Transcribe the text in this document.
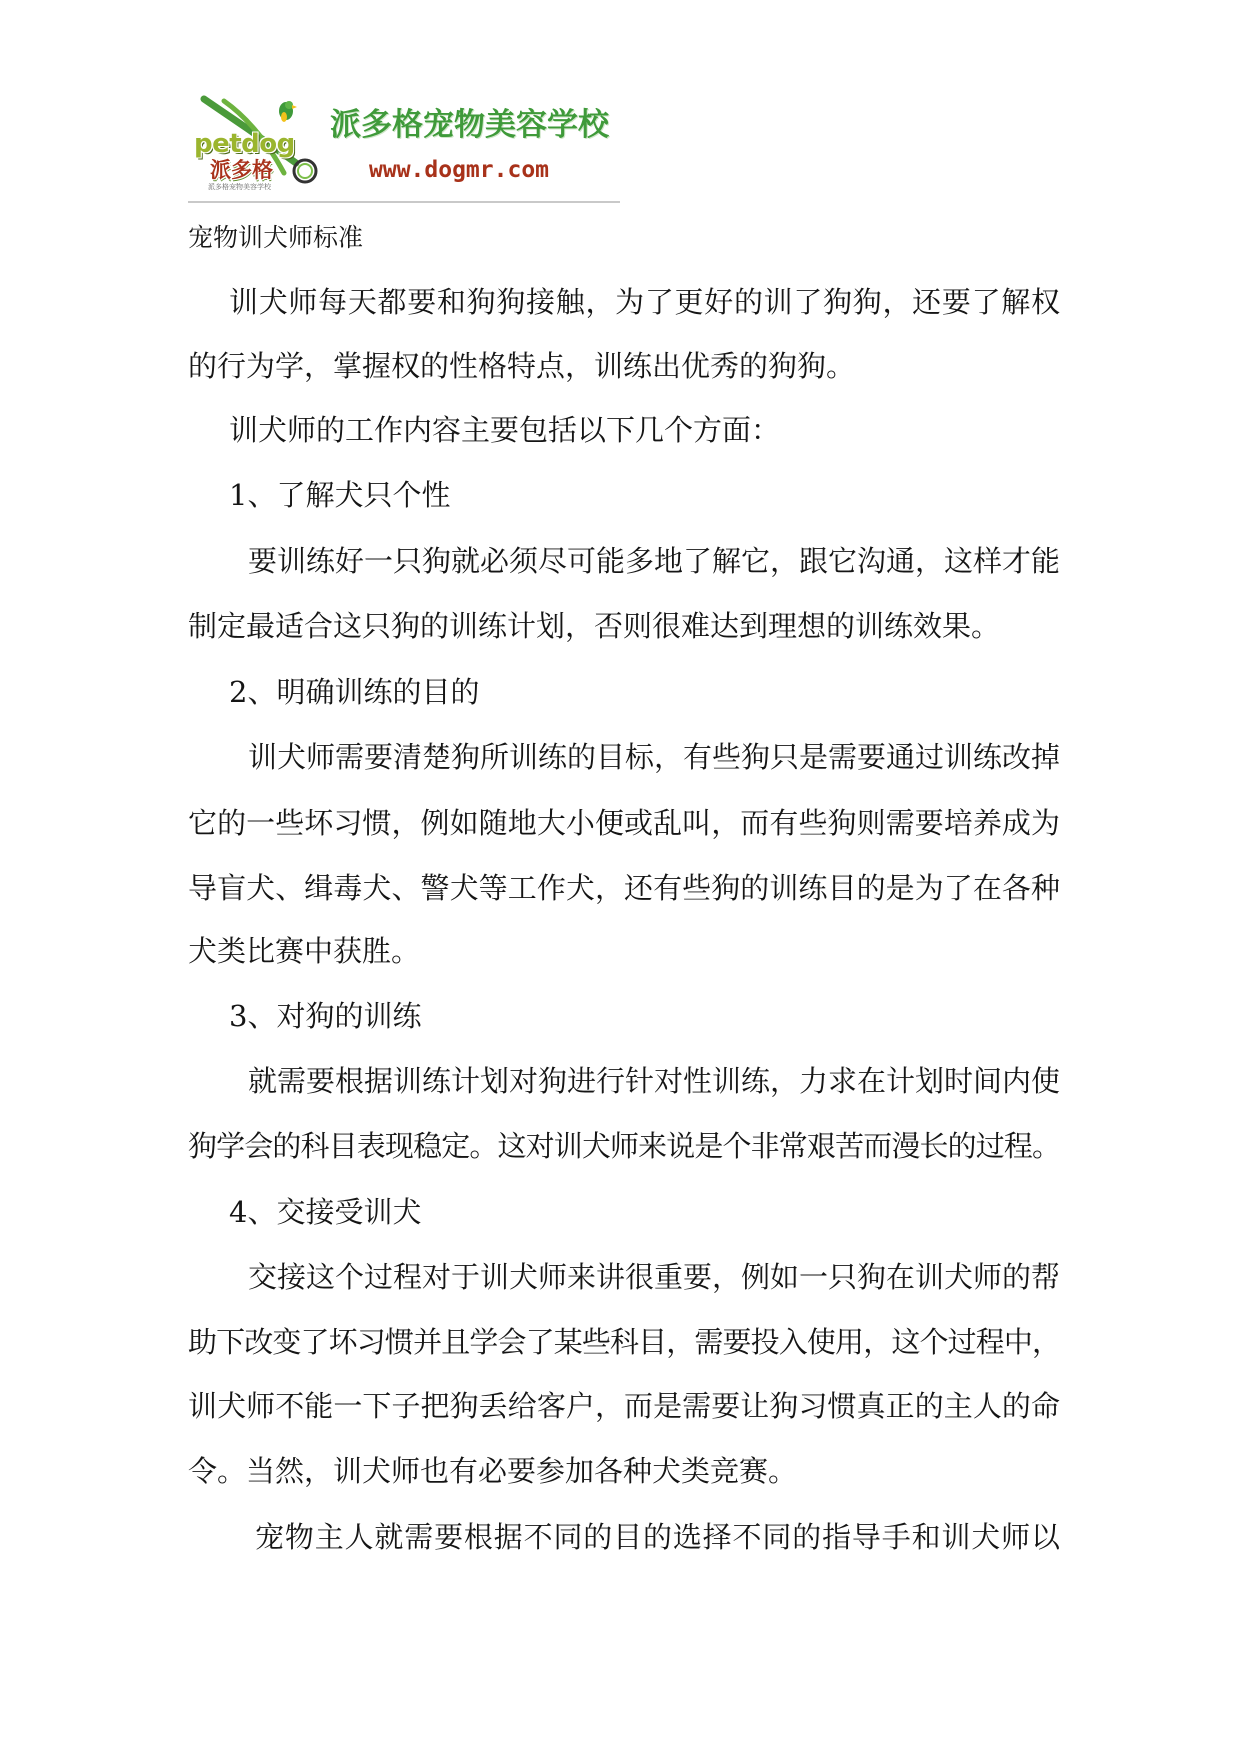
petdog
派多格
派多格宠物美容学校
派多格宠物美容学校
www.dogmr.com
宠物训犬师标准
训犬师每天都要和狗狗接触，为了更好的训了狗狗，还要了解权
的行为学，掌握权的性格特点，训练出优秀的狗狗。
训犬师的工作内容主要包括以下几个方面：
1、了解犬只个性
要训练好一只狗就必须尽可能多地了解它，跟它沟通，这样才能
制定最适合这只狗的训练计划，否则很难达到理想的训练效果。
2、明确训练的目的
训犬师需要清楚狗所训练的目标，有些狗只是需要通过训练改掉
它的一些坏习惯，例如随地大小便或乱叫，而有些狗则需要培养成为
导盲犬、缉毒犬、警犬等工作犬，还有些狗的训练目的是为了在各种
犬类比赛中获胜。
3、对狗的训练
就需要根据训练计划对狗进行针对性训练，力求在计划时间内使
狗学会的科目表现稳定。这对训犬师来说是个非常艰苦而漫长的过程。
4、交接受训犬
交接这个过程对于训犬师来讲很重要，例如一只狗在训犬师的帮
助下改变了坏习惯并且学会了某些科目，需要投入使用，这个过程中，
训犬师不能一下子把狗丢给客户，而是需要让狗习惯真正的主人的命
令。当然，训犬师也有必要参加各种犬类竞赛。
宠物主人就需要根据不同的目的选择不同的指导手和训犬师以
